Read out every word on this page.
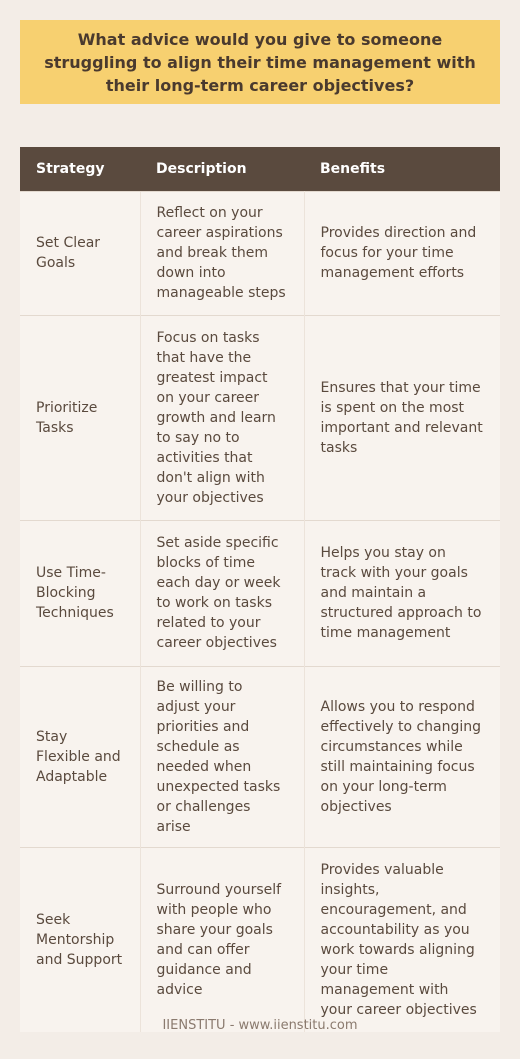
What advice would you give to someone struggling to align their time management with their long-term career objectives?
Strategy	Description	Benefits
Set Clear Goals	Reflect on your career aspirations and break them down into manageable steps	Provides direction and focus for your time management efforts
Prioritize Tasks	Focus on tasks that have the greatest impact on your career growth and learn to say no to activities that don't align with your objectives	Ensures that your time is spent on the most important and relevant tasks
Use Time-Blocking Techniques	Set aside specific blocks of time each day or week to work on tasks related to your career objectives	Helps you stay on track with your goals and maintain a structured approach to time management
Stay Flexible and Adaptable	Be willing to adjust your priorities and schedule as needed when unexpected tasks or challenges arise	Allows you to respond effectively to changing circumstances while still maintaining focus on your long-term objectives
Seek Mentorship and Support	Surround yourself with people who share your goals and can offer guidance and advice	Provides valuable insights, encouragement, and accountability as you work towards aligning your time management with your career objectives
IIENSTITU - www.iienstitu.com
